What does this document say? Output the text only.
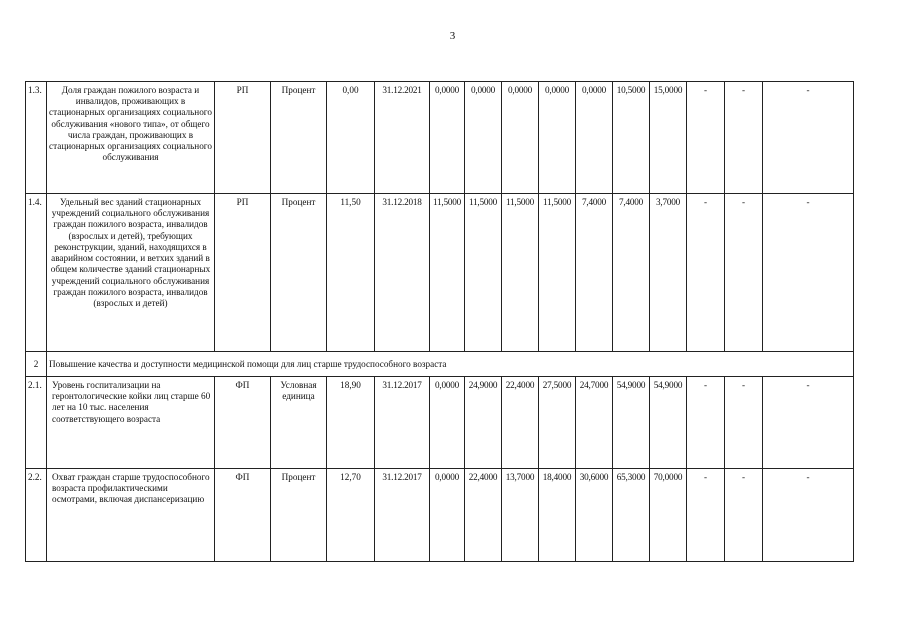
3
1.3.	Доля граждан пожилого возраста и инвалидов, проживающих в стационарных организациях социального обслуживания «нового типа», от общего числа граждан, проживающих в стационарных организациях социального обслуживания	РП	Процент	0,00	31.12.2021	0,0000	0,0000	0,0000	0,0000	0,0000	10,5000	15,0000	-	-	-
1.4.	Удельный вес зданий стационарных учреждений социального обслуживания граждан пожилого возраста, инвалидов (взрослых и детей), требующих реконструкции, зданий, находящихся в аварийном состоянии, и ветхих зданий в общем количестве зданий стационарных учреждений социального обслуживания граждан пожилого возраста, инвалидов (взрослых и детей)	РП	Процент	11,50	31.12.2018	11,5000	11,5000	11,5000	11,5000	7,4000	7,4000	3,7000	-	-	-
2	Повышение качества и доступности медицинской помощи для лиц старше трудоспособного возраста														
2.1.	Уровень госпитализации на геронтологические койки лиц старше 60 лет на 10 тыс. населения соответствующего возраста	ФП	Условная единица	18,90	31.12.2017	0,0000	24,9000	22,4000	27,5000	24,7000	54,9000	54,9000	-	-	-
2.2.	Охват граждан старше трудоспособного возраста профилактическими осмотрами, включая диспансеризацию	ФП	Процент	12,70	31.12.2017	0,0000	22,4000	13,7000	18,4000	30,6000	65,3000	70,0000	-	-	-
